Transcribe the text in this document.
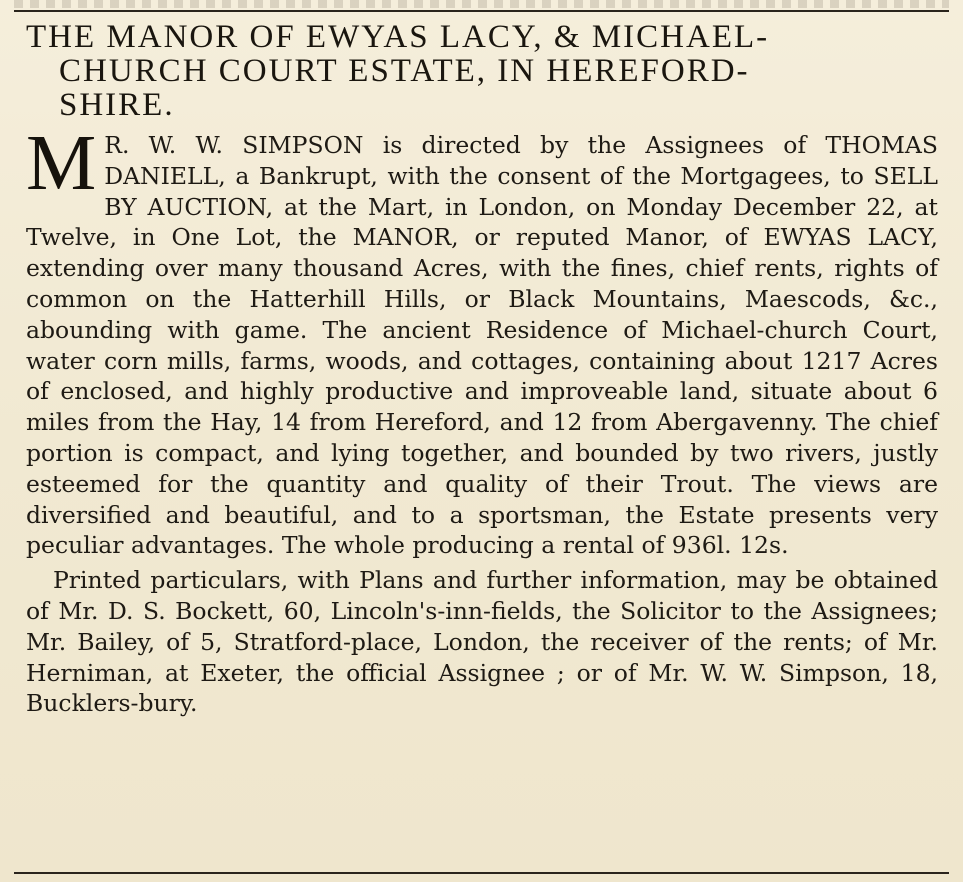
THE MANOR OF EWYAS LACY, & MICHAEL-
CHURCH COURT ESTATE, IN HEREFORD-
SHIRE.

M R. W. W. SIMPSON is directed by the Assignees of THOMAS DANIELL, a Bankrupt, with the consent of the Mortgagees, to SELL BY AUCTION, at the Mart, in London, on Monday December 22, at Twelve, in One Lot, the MANOR, or reputed Manor, of EWYAS LACY, extending over many thousand Acres, with the fines, chief rents, rights of common on the Hatterhill Hills, or Black Mountains, Maescods, &c., abounding with game. The ancient Residence of Michael-church Court, water corn mills, farms, woods, and cottages, containing about 1217 Acres of enclosed, and highly productive and improveable land, situate about 6 miles from the Hay, 14 from Hereford, and 12 from Abergavenny. The chief portion is compact, and lying together, and bounded by two rivers, justly esteemed for the quantity and quality of their Trout. The views are diversified and beautiful, and to a sportsman, the Estate presents very peculiar advantages. The whole producing a rental of 936l. 12s.

Printed particulars, with Plans and further information, may be obtained of Mr. D. S. Bockett, 60, Lincoln's-inn-fields, the Solicitor to the Assignees; Mr. Bailey, of 5, Stratford-place, London, the receiver of the rents; of Mr. Herniman, at Exeter, the official Assignee ; or of Mr. W. W. Simpson, 18, Bucklers-bury.
